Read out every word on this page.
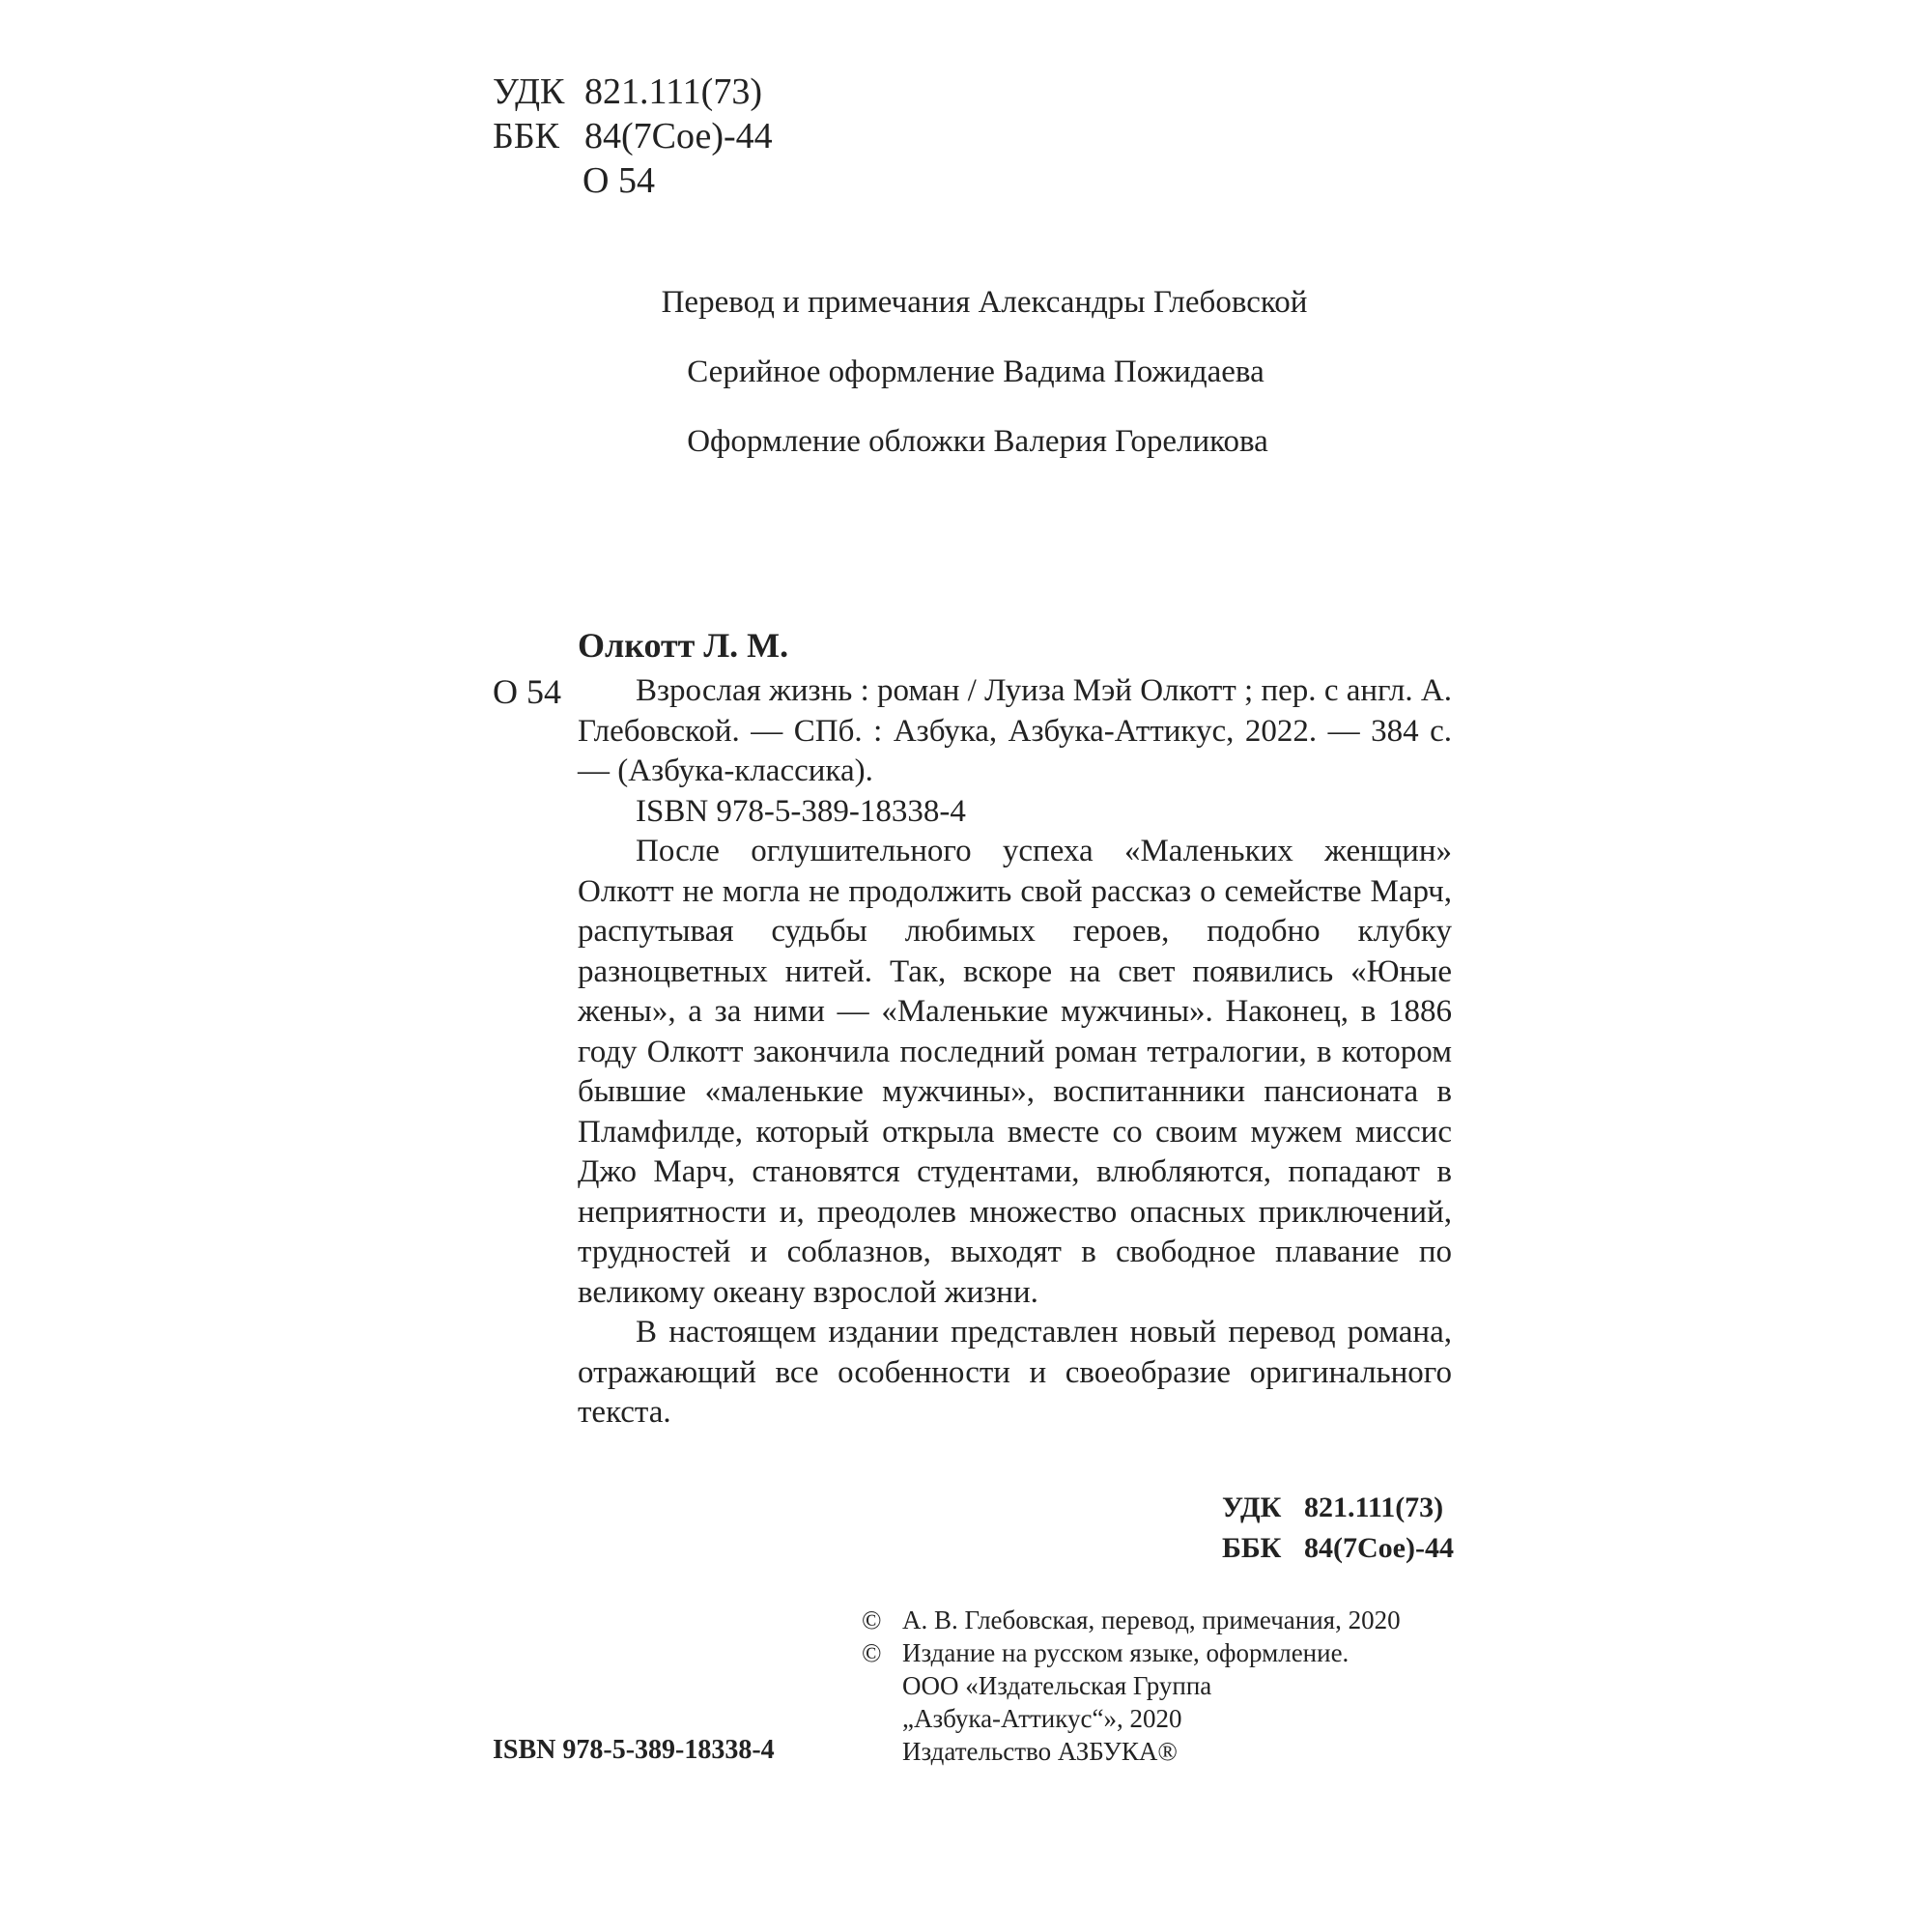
УДК 821.111(73)
ББК 84(7Сое)-44
О 54
Перевод и примечания Александры Глебовской
Серийное оформление Вадима Пожидаева
Оформление обложки Валерия Гореликова
Олкотт Л. М.
О 54	Взрослая жизнь : роман / Луиза Мэй Олкотт ; пер. с англ. А. Глебовской. — СПб. : Азбука, Азбука-Аттикус, 2022. — 384 с. — (Азбука-классика).

ISBN 978-5-389-18338-4

После оглушительного успеха «Маленьких женщин» Олкотт не могла не продолжить свой рассказ о семействе Марч, распутывая судьбы любимых героев, подобно клубку разноцветных нитей. Так, вскоре на свет появились «Юные жены», а за ними — «Маленькие мужчины». Наконец, в 1886 году Олкотт закончила последний роман тетралогии, в котором бывшие «маленькие мужчины», воспитанники пансионата в Пламфилде, который открыла вместе со своим мужем миссис Джо Марч, становятся студентами, влюбляются, попадают в неприятности и, преодолев множество опасных приключений, трудностей и соблазнов, выходят в свободное плавание по великому океану взрослой жизни.

В настоящем издании представлен новый перевод романа, отражающий все особенности и своеобразие оригинального текста.

УДК 821.111(73)
ББК 84(7Сое)-44
© А. В. Глебовская, перевод, примечания, 2020
© Издание на русском языке, оформление.
ООО «Издательская Группа
„Азбука-Аттикус“», 2020
Издательство АЗБУКА®
ISBN 978-5-389-18338-4
